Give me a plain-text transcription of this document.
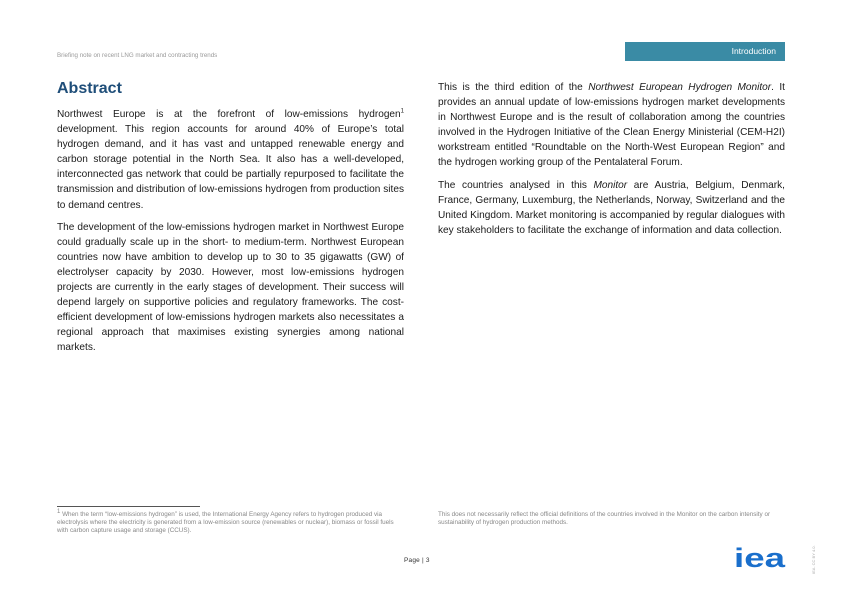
Briefing note on recent LNG market and contracting trends	Introduction
Abstract

Northwest Europe is at the forefront of low-emissions hydrogen$^1$ development. This region accounts for around 40% of Europe’s total hydrogen demand, and it has vast and untapped renewable energy and carbon storage potential in the North Sea. It also has a well-developed, interconnected gas network that could be partially repurposed to facilitate the transmission and distribution of low-emissions hydrogen from production sites to demand centres.

The development of the low-emissions hydrogen market in Northwest Europe could gradually scale up in the short- to medium-term. Northwest European countries now have ambition to develop up to 30 to 35 gigawatts (GW) of electrolyser capacity by 2030. However, most low-emissions hydrogen projects are currently in the early stages of development. Their success will depend largely on supportive policies and regulatory frameworks. The cost-efficient development of low-emissions hydrogen markets also necessitates a regional approach that maximises existing synergies among national markets.

This is the third edition of the Northwest European Hydrogen Monitor. It provides an annual update of low-emissions hydrogen market developments in Northwest Europe and is the result of collaboration among the countries involved in the Hydrogen Initiative of the Clean Energy Ministerial (CEM-H2I) workstream entitled “Roundtable on the North-West European Region” and the hydrogen working group of the Pentalateral Forum.

The countries analysed in this Monitor are Austria, Belgium, Denmark, France, Germany, Luxemburg, the Netherlands, Norway, Switzerland and the United Kingdom. Market monitoring is accompanied by regular dialogues with key stakeholders to facilitate the exchange of information and data collection.

$^1$ When the term “low-emissions hydrogen” is used, the International Energy Agency refers to hydrogen produced via electrolysis where the electricity is generated from a low-emission source (renewables or nuclear), biomass or fossil fuels with carbon capture usage and storage (CCUS).
This does not necessarily reflect the official definitions of the countries involved in the Monitor on the carbon intensity or sustainability of hydrogen production methods.
Page | 3	iea	IEA. CC BY 4.0.
